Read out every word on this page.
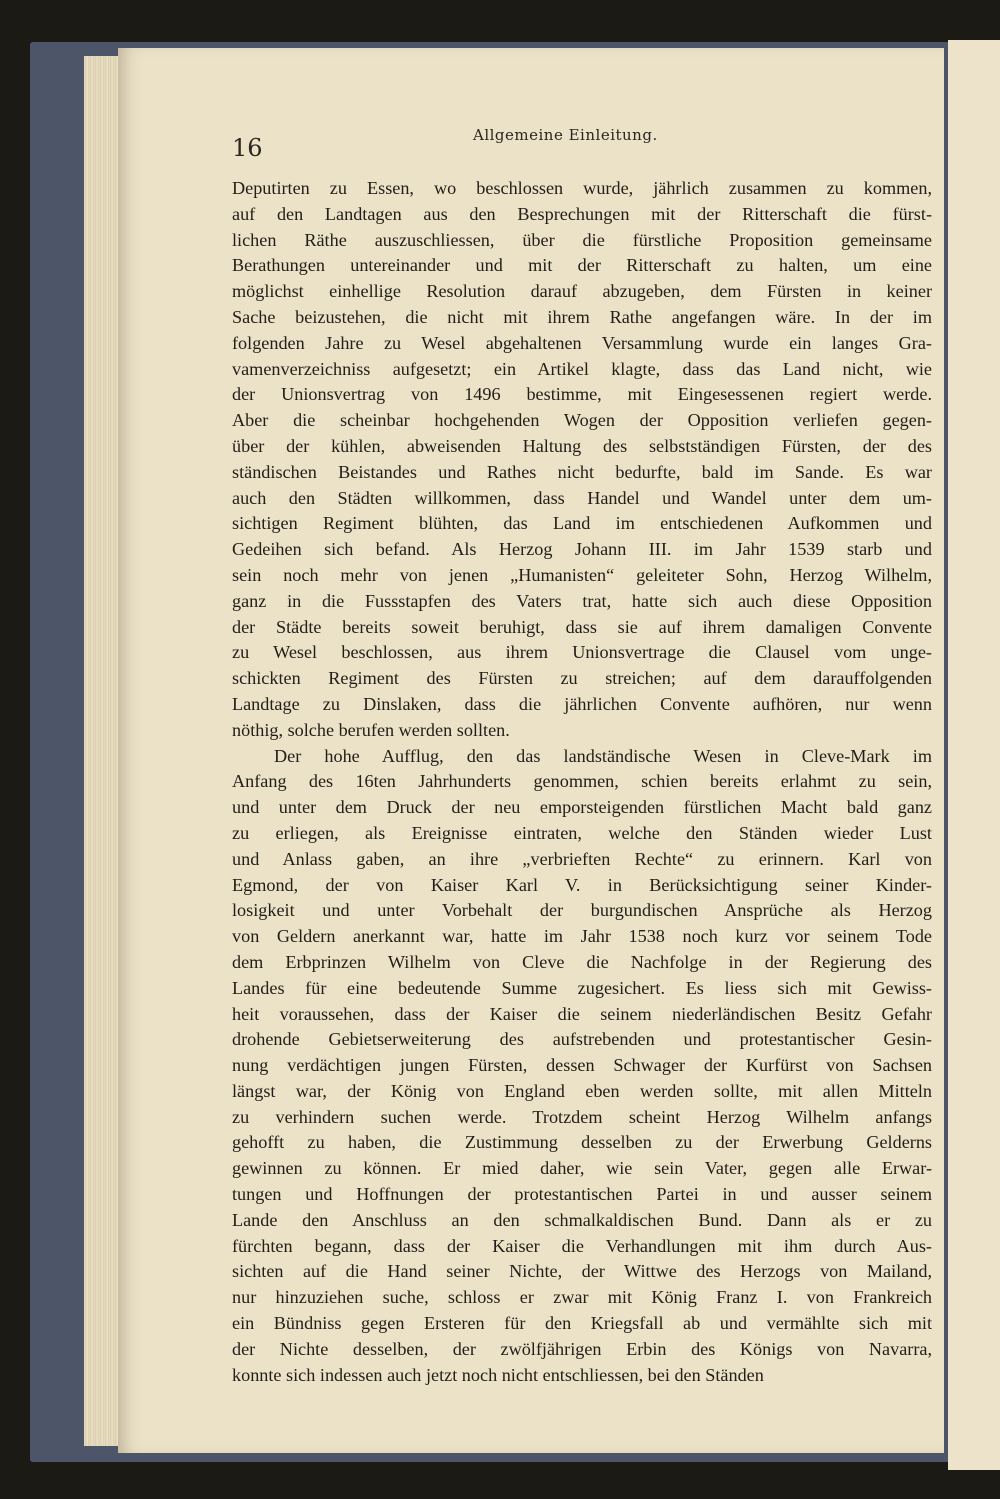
16	Allgemeine Einleitung.
Deputirten zu Essen, wo beschlossen wurde, jährlich zusammen zu kommen,
auf den Landtagen aus den Besprechungen mit der Ritterschaft die fürst-
lichen Räthe auszuschliessen, über die fürstliche Proposition gemeinsame
Berathungen untereinander und mit der Ritterschaft zu halten, um eine
möglichst einhellige Resolution darauf abzugeben, dem Fürsten in keiner
Sache beizustehen, die nicht mit ihrem Rathe angefangen wäre. In der im
folgenden Jahre zu Wesel abgehaltenen Versammlung wurde ein langes Gra-
vamenverzeichniss aufgesetzt; ein Artikel klagte, dass das Land nicht, wie
der Unionsvertrag von 1496 bestimme, mit Eingesessenen regiert werde.
Aber die scheinbar hochgehenden Wogen der Opposition verliefen gegen-
über der kühlen, abweisenden Haltung des selbstständigen Fürsten, der des
ständischen Beistandes und Rathes nicht bedurfte, bald im Sande. Es war
auch den Städten willkommen, dass Handel und Wandel unter dem um-
sichtigen Regiment blühten, das Land im entschiedenen Aufkommen und
Gedeihen sich befand. Als Herzog Johann III. im Jahr 1539 starb und
sein noch mehr von jenen „Humanisten“ geleiteter Sohn, Herzog Wilhelm,
ganz in die Fussstapfen des Vaters trat, hatte sich auch diese Opposition
der Städte bereits soweit beruhigt, dass sie auf ihrem damaligen Convente
zu Wesel beschlossen, aus ihrem Unionsvertrage die Clausel vom unge-
schickten Regiment des Fürsten zu streichen; auf dem darauffolgenden
Landtage zu Dinslaken, dass die jährlichen Convente aufhören, nur wenn
nöthig, solche berufen werden sollten.
Der hohe Aufflug, den das landständische Wesen in Cleve-Mark im
Anfang des 16ten Jahrhunderts genommen, schien bereits erlahmt zu sein,
und unter dem Druck der neu emporsteigenden fürstlichen Macht bald ganz
zu erliegen, als Ereignisse eintraten, welche den Ständen wieder Lust
und Anlass gaben, an ihre „verbrieften Rechte“ zu erinnern. Karl von
Egmond, der von Kaiser Karl V. in Berücksichtigung seiner Kinder-
losigkeit und unter Vorbehalt der burgundischen Ansprüche als Herzog
von Geldern anerkannt war, hatte im Jahr 1538 noch kurz vor seinem Tode
dem Erbprinzen Wilhelm von Cleve die Nachfolge in der Regierung des
Landes für eine bedeutende Summe zugesichert. Es liess sich mit Gewiss-
heit voraussehen, dass der Kaiser die seinem niederländischen Besitz Gefahr
drohende Gebietserweiterung des aufstrebenden und protestantischer Gesin-
nung verdächtigen jungen Fürsten, dessen Schwager der Kurfürst von Sachsen
längst war, der König von England eben werden sollte, mit allen Mitteln
zu verhindern suchen werde. Trotzdem scheint Herzog Wilhelm anfangs
gehofft zu haben, die Zustimmung desselben zu der Erwerbung Gelderns
gewinnen zu können. Er mied daher, wie sein Vater, gegen alle Erwar-
tungen und Hoffnungen der protestantischen Partei in und ausser seinem
Lande den Anschluss an den schmalkaldischen Bund. Dann als er zu
fürchten begann, dass der Kaiser die Verhandlungen mit ihm durch Aus-
sichten auf die Hand seiner Nichte, der Wittwe des Herzogs von Mailand,
nur hinzuziehen suche, schloss er zwar mit König Franz I. von Frankreich
ein Bündniss gegen Ersteren für den Kriegsfall ab und vermählte sich mit
der Nichte desselben, der zwölfjährigen Erbin des Königs von Navarra,
konnte sich indessen auch jetzt noch nicht entschliessen, bei den Ständen
